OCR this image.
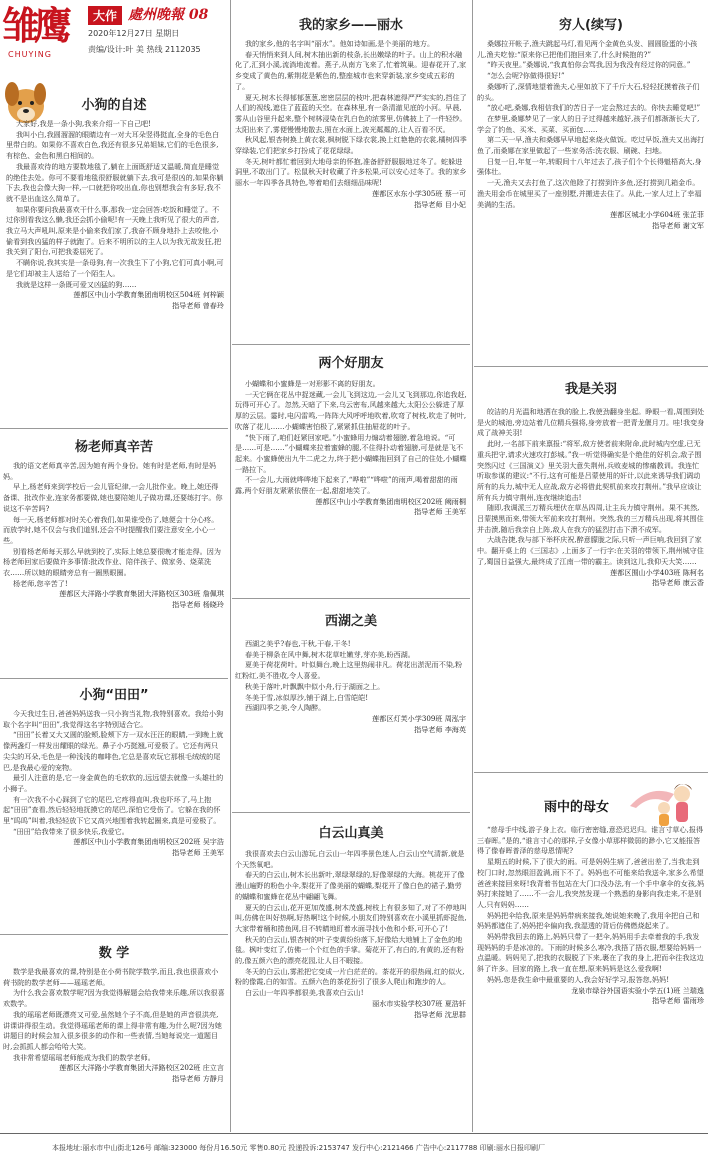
雏鹰
CHUYING
大作 處州晚報 08
2020年12月27日 星期日
责编/设计:叶 美 热线 2112035
小狗的自述

大家好,我是一条小狗,我来介绍一下自己吧!

我叫小白,我圆溜溜的眼睛边有一对大耳朵竖得挺直,全身的毛色白里带白的。如果你不喜欢白色,我还有很多兄弟姐妹,它们的毛色很多,有棕色、金色和黑白相间的。

我最喜欢待的地方要数地毯了,躺在上面既舒适又温暖,简直是睡觉的绝佳去处。你可不要看地毯很舒服就躺下去,我可是很凶的,如果你躺下去,我也会像大狗一样,一口就把你咬出血,你也别想我会有多好,我不就不是出血这么简单了。

如果你要问我最喜欢干什么事,那我一定会回答:吃饭和睡觉了。不过你别看我这么懒,我还会抓小偷呢!有一天晚上我听见了很大的声音,我立马大声吼叫,原来是小偷来我们家了,我奋不顾身地扑上去咬他,小偷看到我凶猛的样子就跑了。后来不明所以的主人以为我无故发狂,把我关到了阳台,可把我委屈死了。

不瞒你说,我其实是一条母狗,有一次我生下了小狗,它们可真小啊,可是它们却被主人送给了一个陌生人。

我就是这样一条既可爱又凶猛的狗……

莲都区中山小学教育集团南明校区504班 何梓颖
指导老师 曾春玲
杨老师真辛苦

我的语文老师真辛苦,因为她有两个身份。她有时是老师,有时是妈妈。

早上,杨老师来到学校后一会儿管纪律,一会儿批作业。晚上,她还得备课、批改作业,连家务都要做,她也要陪她儿子做功课,还要练打字。你说这不辛苦吗?

每一天,杨老师都对时关心着我们,如果谁受伤了,她便会十分心疼。而放学时,她不仅会与我们道别,还会不时提醒我们要注意安全,小心一些。

别看杨老师每天那么早就到校了,实际上她总要很晚才能走得。因为杨老师回家后要做许多事情:批改作业、陪伴孩子、做家务、烧菜洗衣……所以她的眼睛旁总有一圈黑眼圈。

杨老师,您辛苦了!

莲都区大洋路小学教育集团大洋路校区303班 詹佩琪
指导老师 杨晓玲
小狗“田田”

今天我过生日,爸爸妈妈送我一只小狗当礼物,我特别喜欢。我给小狗取个名字叫“田田”,我觉得这名字特别适合它。

“田田”长着又大又圆的脸颊,脸颊下方一双水汪汪的眼睛,一到晚上就像两盏灯一样发出耀眼的绿光。鼻子小巧挺翘,可爱极了。它还有两只尖尖的耳朵,毛色是一种浅浅的咖啡色,它总是喜欢玩它那根毛绒绒的尾巴,是我最心爱的宠物。

最引人注意的是,它一身金黄色的毛软软的,远远望去就像一头雄壮的小狮子。

有一次我不小心踩到了它的尾巴,它疼得直叫,我也吓坏了,马上抱起“田田”查看,然后轻轻地抚摸它的尾巴,深怕它受伤了。它躲在我的怀里“呜呜”叫着,我轻轻放下它又高兴地围着我转起圈来,真是可爱极了。

“田田”给我带来了很多快乐,我爱它。

莲都区中山小学教育集团南明校区202班 吴宇浩
指导老师 王美军
数 学

数学是我最喜欢的课,特别是在小荷书院学数学,而且,我也很喜欢小荷书院的数学老师——瑶瑶老师。

为什么我会喜欢数学呢?因为我觉得解题会给我带来乐趣,所以我很喜欢数学。

我的瑶瑶老师既漂亮又可爱,虽然她个子不高,但是她的声音很洪亮,讲课讲得很生动。我觉得瑶瑶老师的课上得非常有趣,为什么呢?因为她讲题目的时候会加入很多很多的动作和一些表情,当她每说完一道题目时,会抓抓人都会哈哈大笑。

我非常希望瑶瑶老师能成为我们的数学老师。

莲都区大洋路小学教育集团大洋路校区202班 庄立言
指导老师 方靜月
我的家乡——丽水

我的家乡,他的名字叫“丽水”。他如诗如画,是个美丽的地方。

春天悄悄来到人间,树木抽出新的枝条,长出嫩绿的叶子。山上的积水融化了,汇到小溪,流淌地流着。燕子,从南方飞来了,忙着筑巢。迎春花开了,家乡变成了黄色的,紫荆花是紫色的,整座城市也来穿新装,家乡变成五彩的了。

夏天,树木长得郁郁葱葱,密密层层的枝叶,把森林遮得严严实实的,挡住了人们的视线,遮住了蓝蓝的天空。在森林里,有一条清澈见底的小河。早晨,雾从山谷里升起来,整个树林浸染在乳白色的浓雾里,仿佛披上了一件轻纱。太阳出来了,雾便慢慢地散去,照在水面上,波光粼粼的,让人百看不厌。

秋风起,银杏树换上黄衣裳,枫树脱下绿衣裳,换上红艳艳的衣裳,橘树四季穿绿装,它们把家乡打扮成了花花绿绿。

冬天,树叶都忙着回到大地母亲的怀抱,准备舒舒服服地过冬了。蛇躲进洞里,不敢出门了。松鼠秋天时收藏了许多松果,可以安心过冬了。我的家乡丽水一年四季各具特色,等着咱们去细细品味呢!

莲都区水东小学305班 蔡一可
指导老师 目小妃
两个好朋友

小蝴蝶和小蜜蜂是一对形影不离的好朋友。

一天它俩在花丛中捉迷藏,一会儿飞到这边,一会儿又飞到那边,你追我赶,玩得可开心了。忽然,天暗了下来,乌云密布,风越来越大,太阳公公躲进了厚厚的云层。霎时,电闪雷鸣,一阵阵大风呼呼地吹着,吹弯了树枝,吹走了树叶,吹落了花儿……小蝴蝶害怕极了,紧紧抓住抽屉花的叶子。

“快下雨了,咱们赶紧回家吧。”小蜜蜂用力煽动着翅膀,着急地说。“可是……可是……”小蝴蝶来拉着蜜蜂的腿,不住得扑动着翅膀,可是就是飞不起来。小蜜蜂使出九牛二虎之力,终于把小蝴蝶拖回到了自己的住处,小蝴蝶一路拉下。

不一会儿,大雨就哗哗地下起来了,“哗啦”“哗啦”的雨声,喝着甜甜的雨露,两个好朋友紧紧依偎在一起,甜甜地笑了。

莲都区中山小学教育集团南明校区202班 阙雨桐
指导老师 王美军
西湖之美

西湖之美乎?春也,干秋,干春,干冬!

春美于柳条在风中舞,树木花草吐嫩芽,芽亦美,盼西湖。

夏美于荷花荷叶。叶似舞台,晚上这里热闹非凡。荷花出淤泥而不染,粉红粉红,美不胜收,令人喜爱。

秋美于落叶,叶飘飘中似小舟,行于湖面之上。

冬美于雪,冰似厚沙,铺于湖上,白雪皑皑!

西湖四季之美,令人陶醉。

莲都区灯芙小学309班 周泓宇
指导老师 李海英
白云山真美

我很喜欢去白云山游玩,白云山一年四季景色迷人,白云山空气清新,就是个天然氧吧。

春天的白云山,树木长出新叶,翠绿翠绿的,好像翠绿的大海。桃花开了像漫山遍野的粉色小伞,梨花开了像美丽的蝴蝶,梨花开了像白色的裙子,勤劳的蝴蝶和蜜蜂在花丛中翩翩飞舞。

夏天的白云山,花开更加茂盛,树木茂盛,树枝上有很多知了,对了不停地叫叫,仿佛在叫好热啊,好热啊!这个时候,小朋友们特别喜欢在小溪里抓虾捉鱼,大家带着桶和捞鱼网,目不转睛地盯着水面寻找小鱼和小虾,可开心了!

秋天的白云山,银杏树的叶子变黄纷纷落下,好像给大地铺上了金色的地毯。枫叶变红了,仿佛一个个红色的手掌。菊花开了,有白的,有黄的,还有粉的,像五颜六色的漂亮花园,让人目不暇接。

冬天的白云山,雾淞把它变成一片白茫茫的。茶花开的很热闹,红的似火,粉的像霞,白的如雪。五颜六色的茶花扮引了很多人爬山和跑步的人。

白云山一年四季都很美,我喜欢白云山!

丽水市实验学校307班 夏浩轩
指导老师 沈思群
穷人(续写)

桑娜拉开帐子,渔夫跳起马灯,看见两个金黄色头发、圆圆脸蛋的小孩儿,渔夫吃惊:“原来你已把他们抱回来了,什么时候抱的?”

“昨天夜里。”桑娜说,“我真怕你会骂我,因为我没有经过你的同意。”

“怎么会呢?你做得很好!”

桑娜听了,深情地望着渔夫,心里如放下了千斤大石,轻轻抚摸着孩子们的头。

“放心吧,桑娜,我相信我们的苦日子一定会熬过去的。你快去睡觉吧!”

在梦里,桑娜梦见了一家人的日子过得越来越好,孩子们都渐渐长大了,学会了钓鱼、买米、买菜、买面包……

第二天一早,渔夫和桑娜早早地起来烧火做饭。吃过早饭,渔夫又出海打鱼了,而桑娜在家里做起了一些家务活:洗衣服、刷碗、扫地。

日复一日,年复一年,转眼间十八年过去了,孩子们个个长得魁梧高大,身强体壮。

一天,渔夫又去打鱼了,这次他除了打捞到许多鱼,还打捞到几箱金币。渔夫用金币在城里买了一座别墅,并搬进去住了。从此,一家人过上了幸福美满的生活。

莲都区城北小学604班 张芷菲
指导老师 谢文军
我是关羽

皎洁的月光温和地洒在我的脸上,我使劲翻身坐起。睁眼一看,周围到处是火的城池,旁边站着几位精兵强将,身旁放着一把青龙偃月刀。哇!我变身成了战神关羽!

此时,一名部下前来禀报:“将军,敌方使者前来附命,此时城内空虚,已无重兵把守,请求火速攻打彭城。”我一听觉得确实是个绝佳的好机会,敌子围突然闪过《三国演义》里关羽大意失荆州,兵败麦城的惨痛教训。我连忙听取参谋的建议:“不行,这有可能是吕蒙使用的奸计,以此来诱导我们调动所有的兵力,城中无人应战,敌方必将借此契机前来攻打荆州。”我早应该让所有兵力镇守荆州,连夜继续追击!

随即,我调派三万精兵埋伏在草丛四周,让主兵力镇守荆州。果不其然,吕蒙摸黑而来,带领大军前来攻打荆州。突然,我的三万精兵出现,将其围住并击溃,随后我亲自上阵,敌人在我方的猛烈打击下溃不成军。

大战告捷,我与部下举杯庆祝,醉意朦胧之际,只听一声巨响,我回到了家中。翻开桌上的《三国志》,上面多了一行字:在关羽的带领下,荆州城守住了,蜀国日益强大,最终成了江南一带的霸主。读到这儿,我仰天大笑……

莲都区囿山小学403班 陈柯名
指导老师 康云香
雨中的母女

“慈母手中线,游子身上衣。临行密密缝,意恐迟迟归。谁言寸草心,报得三春晖。”是的,“谁言寸心的那样,子女像小草那样微弱的渺小,它又能报答得了像春晖普泽的慈母恩情呢?

星期五的时候,下了很大的雨。可是妈妈生病了,爸爸出差了,当我走到校门口时,忽然眼泪盈满,雨下不了。妈妈也不可能来给我送伞,家多么希望爸爸来接回来呀!我背着书包站在大门口没办法,有一个手中拿伞的女孩,妈妈打来接她了……不一会儿,我突然发现一个熟悉的身影向我走来,不是别人,只有妈妈……

妈妈把伞给我,原来是妈妈带病来接我,她说她来晚了,我用伞把自己和妈妈都遮住了,妈妈把伞偏向我,我湿透的背后仿佛燃烧起来了。

妈妈带我回去的路上,妈妈只带了一把伞,妈妈用手去牵着我的手,我发现妈妈的手是冰凉的。下雨的时候多么寒冷,我捂了捂衣服,想要给妈妈一点温暖。妈妈见了,把我的衣服脱了下来,裹在了我的身上,把而伞往我这边斜了许多。回家的路上,我一直在想,原来妈妈是这么爱我啊!

妈妈,您是我生命中最重要的人,我会好好学习,报答您,妈妈!

龙泉市绿谷外国语实验小学五(1)班 兰瑞逸
指导老师 雷雨珍
本报地址:丽水市中山街北126号 邮编:323000 每份月16.50元 零售0.80元 投递投诉:2153747 发行中心:2121466 广告中心:2117788 印刷:丽水日报印刷厂
